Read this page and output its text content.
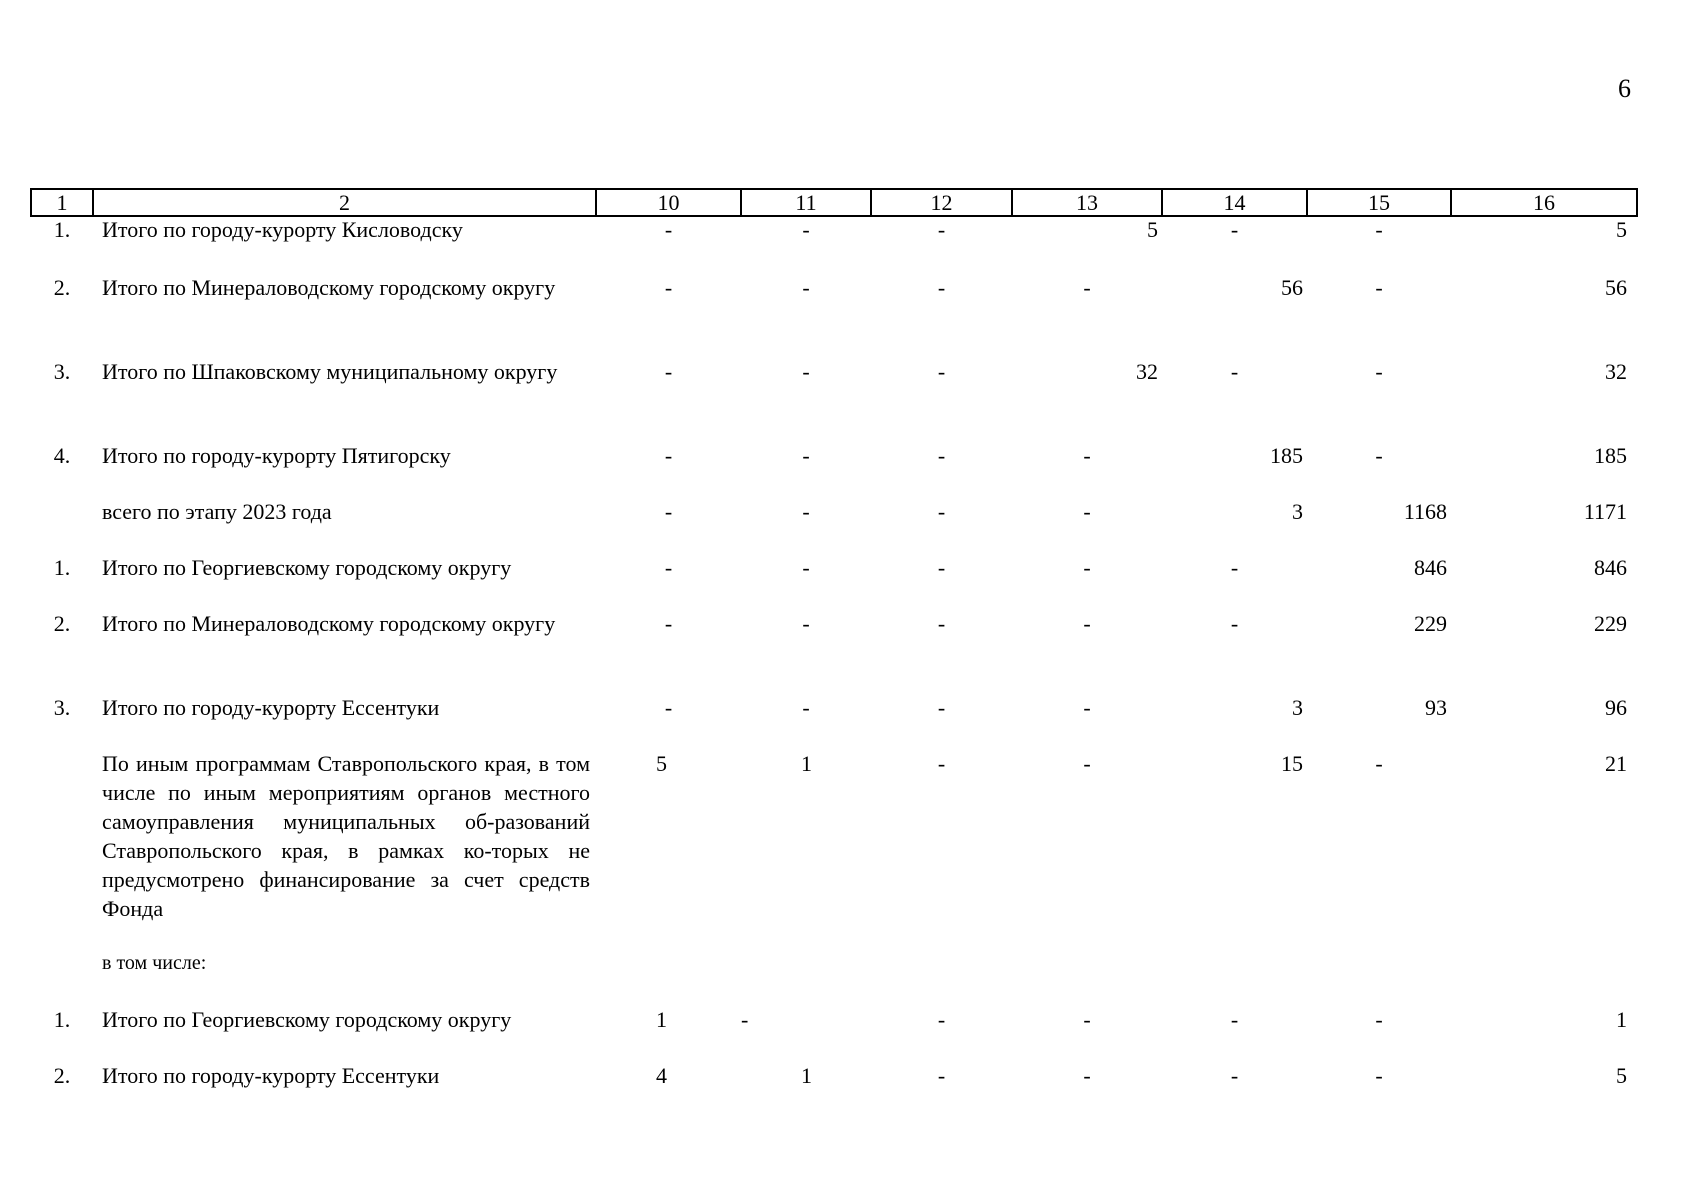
6
1	2	10	11	12	13	14	15	16
1.	Итого по городу-курорту Кисловодску	-	-	-	5	-	-	5
2.	Итого по Минераловодскому городскому округу	-	-	-	-	56	-	56
3.	Итого по Шпаковскому муниципальному округу	-	-	-	32	-	-	32
4.	Итого по городу-курорту Пятигорску	-	-	-	-	185	-	185
	всего по этапу 2023 года	-	-	-	-	3	1168	1171
1.	Итого по Георгиевскому городскому округу	-	-	-	-	-	846	846
2.	Итого по Минераловодскому городскому округу	-	-	-	-	-	229	229
3.	Итого по городу-курорту Ессентуки	-	-	-	-	3	93	96
	По иным программам Ставропольского края, в том числе по иным мероприятиям органов местного самоуправления муниципальных об-разований Ставропольского края, в рамках ко-торых не предусмотрено финансирование за счет средств Фонда	5	1	-	-	15	-	21
	в том числе:							
1.	Итого по Георгиевскому городскому округу	1	-	-	-	-	-	1
2.	Итого по городу-курорту Ессентуки	4	1	-	-	-	-	5
